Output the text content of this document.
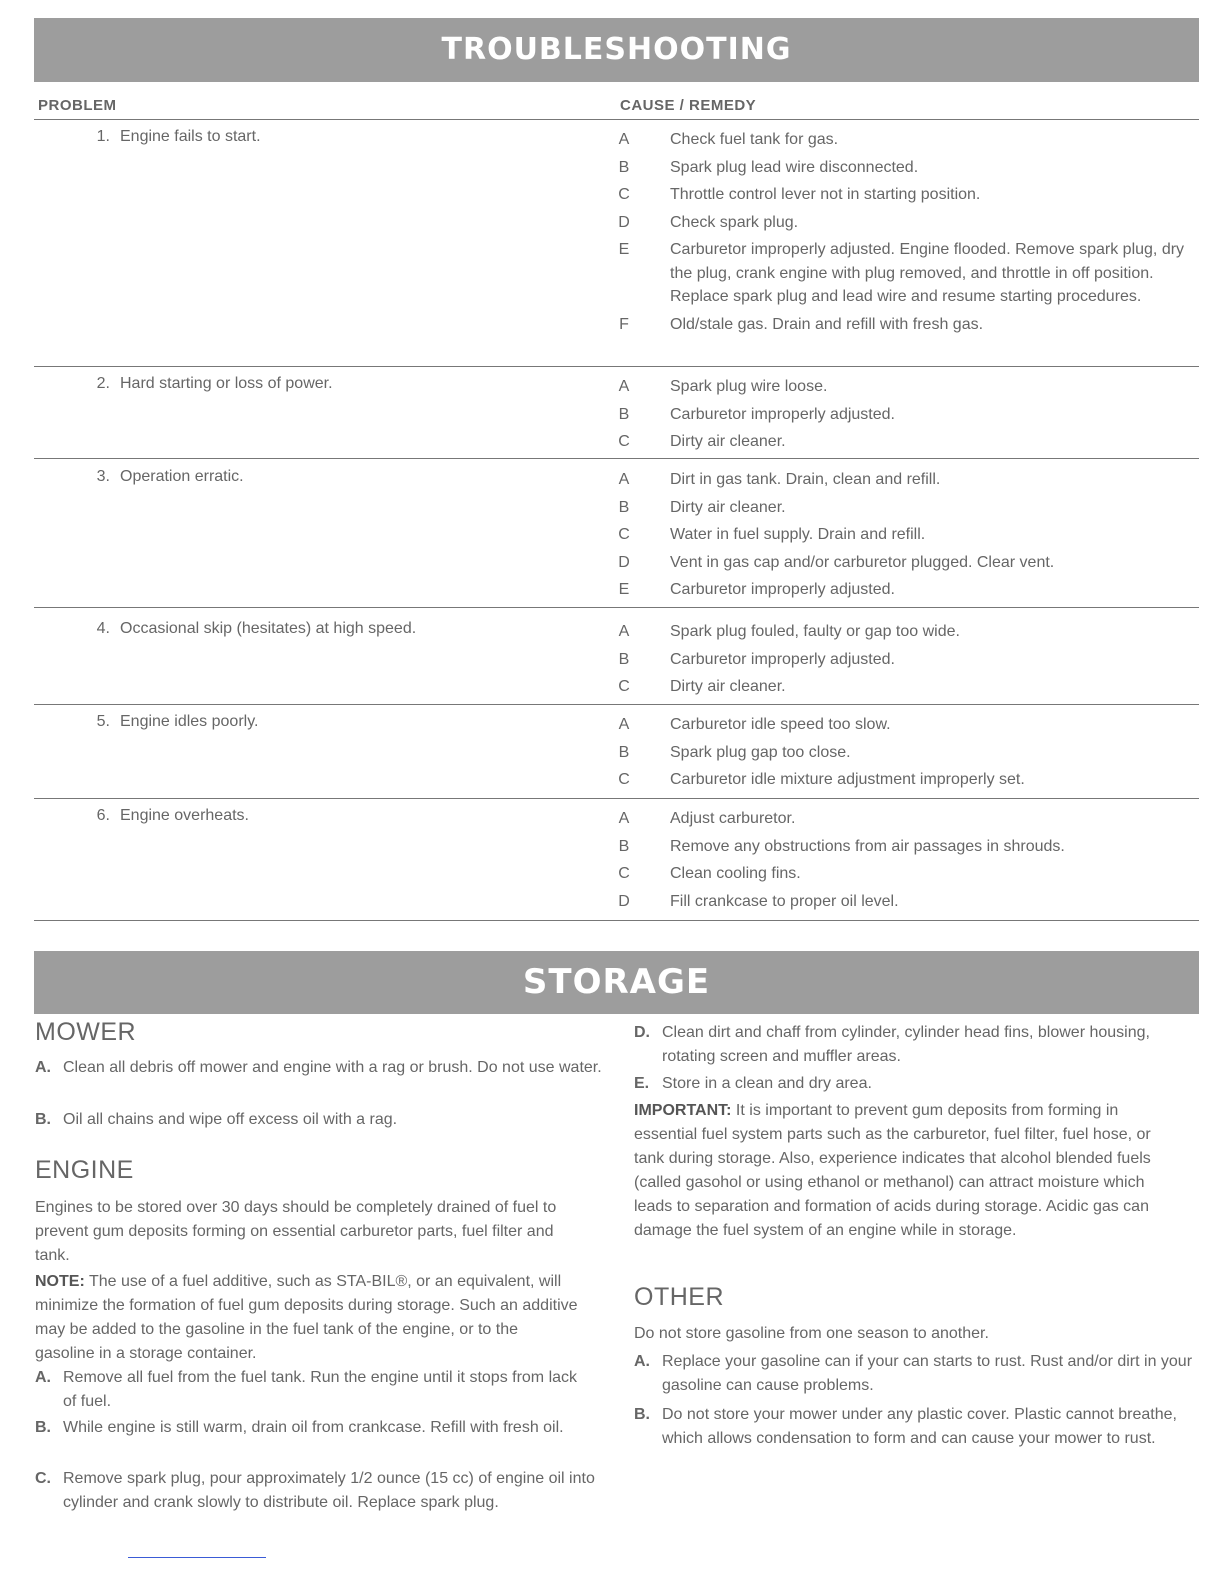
TROUBLESHOOTING
PROBLEM	CAUSE / REMEDY
1. Engine fails to start.	A	Check fuel tank for gas.
B	Spark plug lead wire disconnected.
C	Throttle control lever not in starting position.
D	Check spark plug.
E	Carburetor improperly adjusted. Engine flooded. Remove spark plug, dry the plug, crank engine with plug removed, and throttle in off position. Replace spark plug and lead wire and resume starting procedures.
F	Old/stale gas. Drain and refill with fresh gas.
2. Hard starting or loss of power.	A	Spark plug wire loose.
B	Carburetor improperly adjusted.
C	Dirty air cleaner.
3. Operation erratic.	A	Dirt in gas tank. Drain, clean and refill.
B	Dirty air cleaner.
C	Water in fuel supply. Drain and refill.
D	Vent in gas cap and/or carburetor plugged. Clear vent.
E	Carburetor improperly adjusted.
4. Occasional skip (hesitates) at high speed.	A	Spark plug fouled, faulty or gap too wide.
B	Carburetor improperly adjusted.
C	Dirty air cleaner.
5. Engine idles poorly.	A	Carburetor idle speed too slow.
B	Spark plug gap too close.
C	Carburetor idle mixture adjustment improperly set.
6. Engine overheats.	A	Adjust carburetor.
B	Remove any obstructions from air passages in shrouds.
C	Clean cooling fins.
D	Fill crankcase to proper oil level.
STORAGE
MOWER
A. Clean all debris off mower and engine with a rag or brush. Do not use water.
B. Oil all chains and wipe off excess oil with a rag.
ENGINE
Engines to be stored over 30 days should be completely drained of fuel to prevent gum deposits forming on essential carburetor parts, fuel filter and tank.
NOTE: The use of a fuel additive, such as STA-BIL®, or an equivalent, will minimize the formation of fuel gum deposits during storage. Such an additive may be added to the gasoline in the fuel tank of the engine, or to the gasoline in a storage container.
A. Remove all fuel from the fuel tank. Run the engine until it stops from lack of fuel.
B. While engine is still warm, drain oil from crankcase. Refill with fresh oil.
C. Remove spark plug, pour approximately 1/2 ounce (15 cc) of engine oil into cylinder and crank slowly to distribute oil. Replace spark plug.
D. Clean dirt and chaff from cylinder, cylinder head fins, blower housing, rotating screen and muffler areas.
E. Store in a clean and dry area.
IMPORTANT: It is important to prevent gum deposits from forming in essential fuel system parts such as the carburetor, fuel filter, fuel hose, or tank during storage. Also, experience indicates that alcohol blended fuels (called gasohol or using ethanol or methanol) can attract moisture which leads to separation and formation of acids during storage. Acidic gas can damage the fuel system of an engine while in storage.
OTHER
Do not store gasoline from one season to another.
A. Replace your gasoline can if your can starts to rust. Rust and/or dirt in your gasoline can cause problems.
B. Do not store your mower under any plastic cover. Plastic cannot breathe, which allows condensation to form and can cause your mower to rust.
